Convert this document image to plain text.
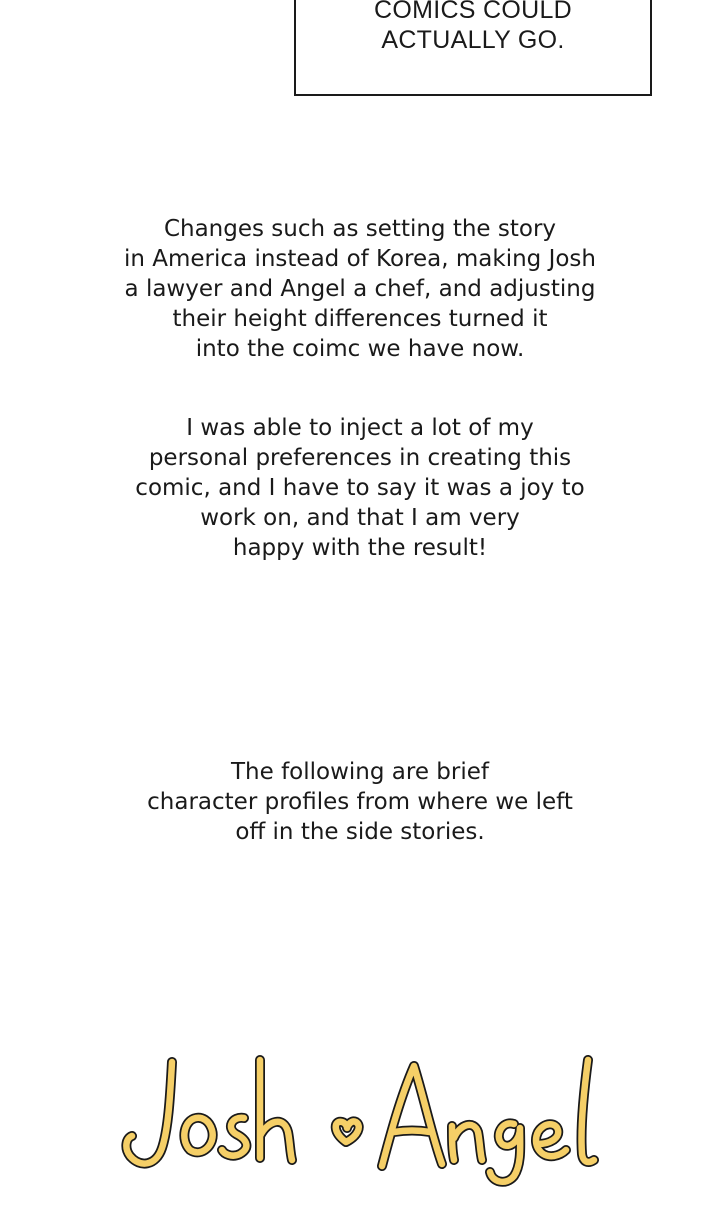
COMICS COULD
ACTUALLY GO.
Changes such as setting the story
in America instead of Korea, making Josh
a lawyer and Angel a chef, and adjusting
their height differences turned it
into the coimc we have now.
I was able to inject a lot of my
personal preferences in creating this
comic, and I have to say it was a joy to
work on, and that I am very
happy with the result!
The following are brief
character profiles from where we left
off in the side stories.
